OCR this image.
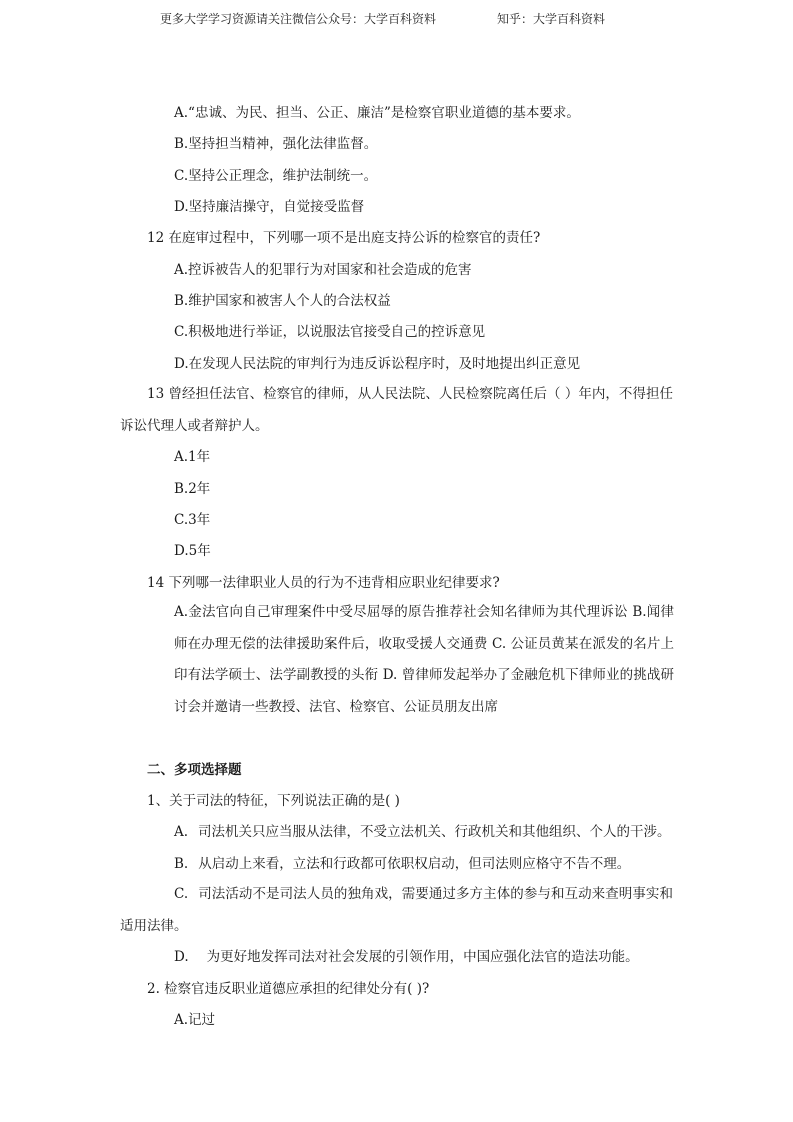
更多大学学习资源请关注微信公众号：大学百科资料	知乎：大学百科资料
A.“忠诚、为民、担当、公正、廉洁”是检察官职业道德的基本要求。
B.坚持担当精神，强化法律监督。
C.坚持公正理念，维护法制统一。
D.坚持廉洁操守，自觉接受监督
12 在庭审过程中，下列哪一项不是出庭支持公诉的检察官的责任?
A.控诉被告人的犯罪行为对国家和社会造成的危害
B.维护国家和被害人个人的合法权益
C.积极地进行举证，以说服法官接受自己的控诉意见
D.在发现人民法院的审判行为违反诉讼程序时，及时地提出纠正意见
13 曾经担任法官、检察官的律师，从人民法院、人民检察院离任后（ ）年内，不得担任诉讼代理人或者辩护人。
A.1年
B.2年
C.3年
D.5年
14 下列哪一法律职业人员的行为不违背相应职业纪律要求?
A.金法官向自己审理案件中受尽屈辱的原告推荐社会知名律师为其代理诉讼 B.闻律师在办理无偿的法律援助案件后，收取受援人交通费 C. 公证员黄某在派发的名片上印有法学硕士、法学副教授的头衔 D. 曾律师发起举办了金融危机下律师业的挑战研讨会并邀请一些教授、法官、检察官、公证员朋友出席
二、多项选择题
1、关于司法的特征，下列说法正确的是( )
A. 司法机关只应当服从法律，不受立法机关、行政机关和其他组织、个人的干涉。
B. 从启动上来看，立法和行政都可依职权启动，但司法则应格守不告不理。
C. 司法活动不是司法人员的独角戏，需要通过多方主体的参与和互动来查明事实和适用法律。
D. 为更好地发挥司法对社会发展的引领作用，中国应强化法官的造法功能。
2. 检察官违反职业道德应承担的纪律处分有( )?
A.记过
